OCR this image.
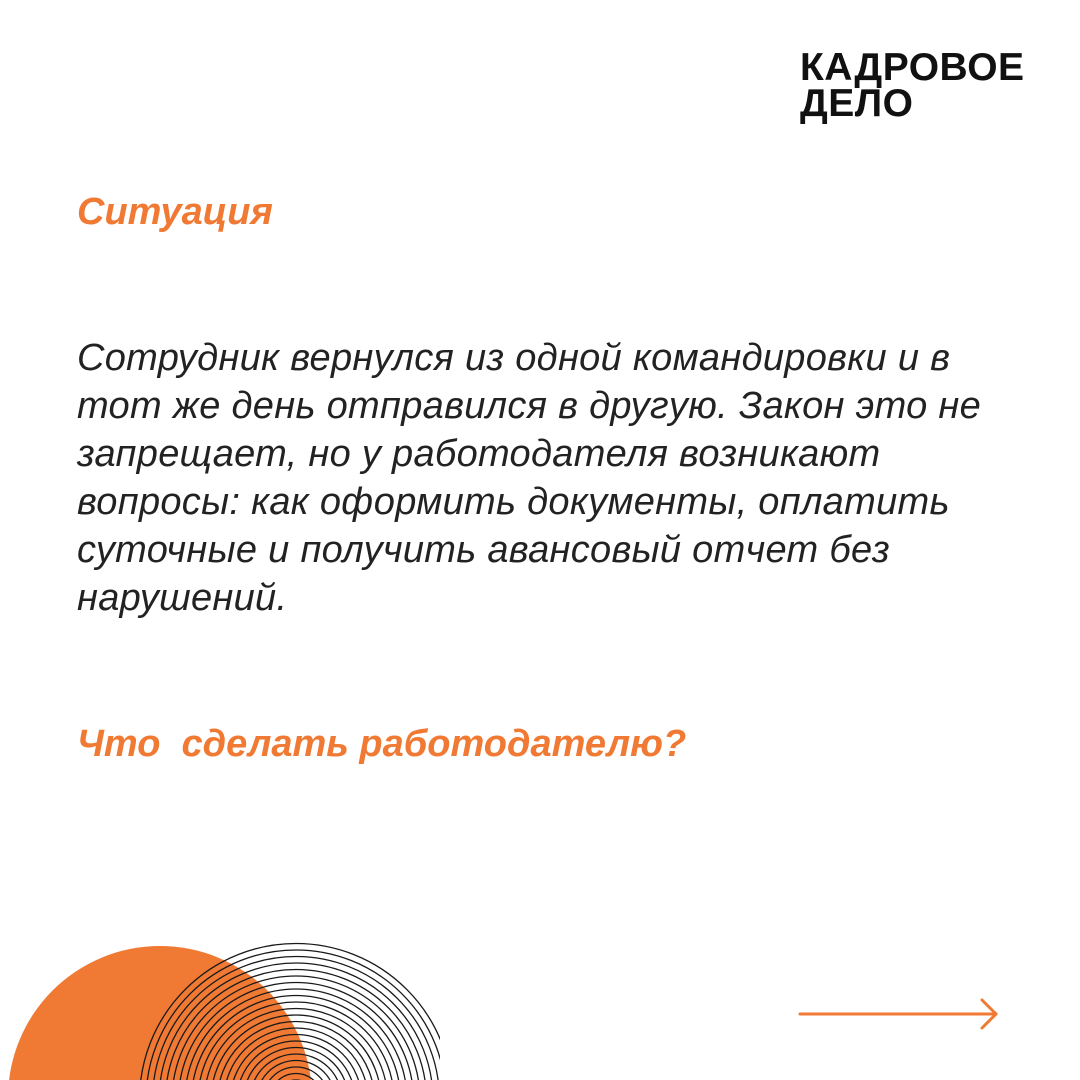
КАДРОВОЕ
ДЕЛО
Ситуация
Сотрудник вернулся из одной командировки и в тот же день отправился в другую. Закон это не запрещает, но у работодателя возникают вопросы: как оформить документы, оплатить суточные и получить авансовый отчет без нарушений.
Что  сделать работодателю?
